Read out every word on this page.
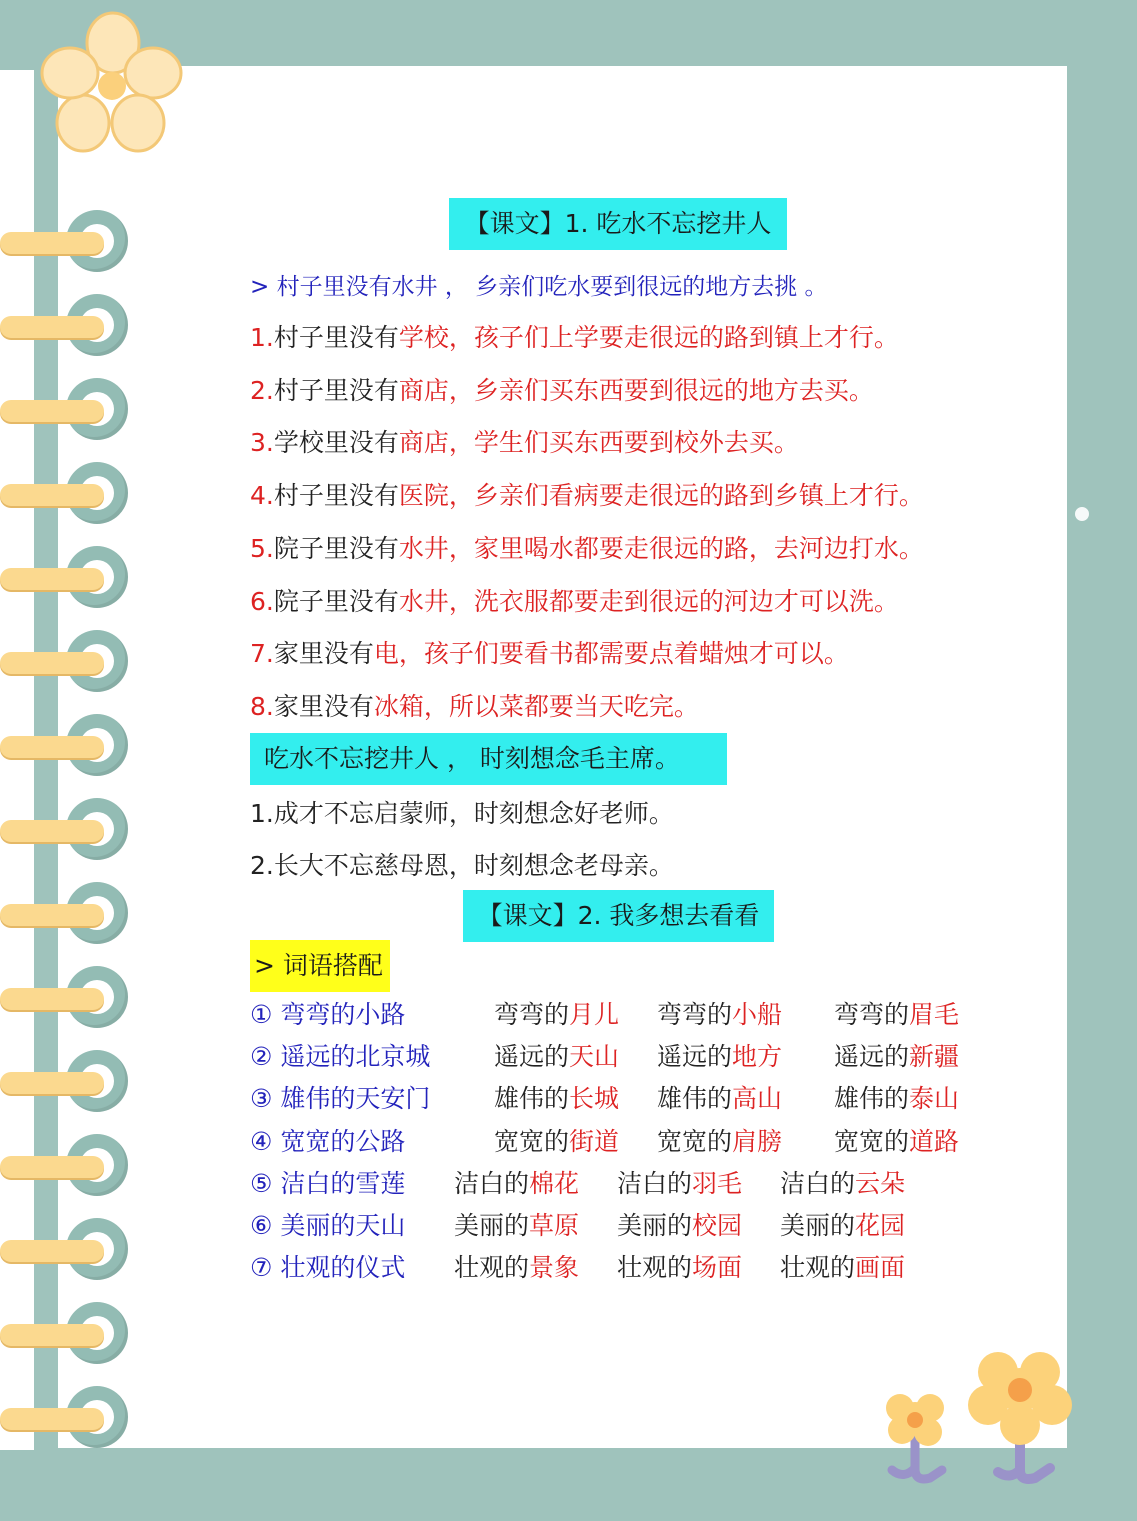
【课文】1. 吃水不忘挖井人
> 村子里没有水井 ， 乡亲们吃水要到很远的地方去挑 。
1.村子里没有学校，孩子们上学要走很远的路到镇上才行。
2.村子里没有商店，乡亲们买东西要到很远的地方去买。
3.学校里没有商店，学生们买东西要到校外去买。
4.村子里没有医院，乡亲们看病要走很远的路到乡镇上才行。
5.院子里没有水井，家里喝水都要走很远的路，去河边打水。
6.院子里没有水井，洗衣服都要走到很远的河边才可以洗。
7.家里没有电，孩子们要看书都需要点着蜡烛才可以。
8.家里没有冰箱，所以菜都要当天吃完。
吃水不忘挖井人 ， 时刻想念毛主席。
1.成才不忘启蒙师，时刻想念好老师。
2.长大不忘慈母恩，时刻想念老母亲。
【课文】2. 我多想去看看
> 词语搭配
① 弯弯的小路	弯弯的月儿 弯弯的小船 弯弯的眉毛
② 遥远的北京城	遥远的天山 遥远的地方 遥远的新疆
③ 雄伟的天安门	雄伟的长城 雄伟的高山 雄伟的泰山
④ 宽宽的公路	宽宽的街道 宽宽的肩膀 宽宽的道路
⑤ 洁白的雪莲 洁白的棉花 洁白的羽毛 洁白的云朵
⑥ 美丽的天山 美丽的草原 美丽的校园 美丽的花园
⑦ 壮观的仪式 壮观的景象 壮观的场面 壮观的画面
